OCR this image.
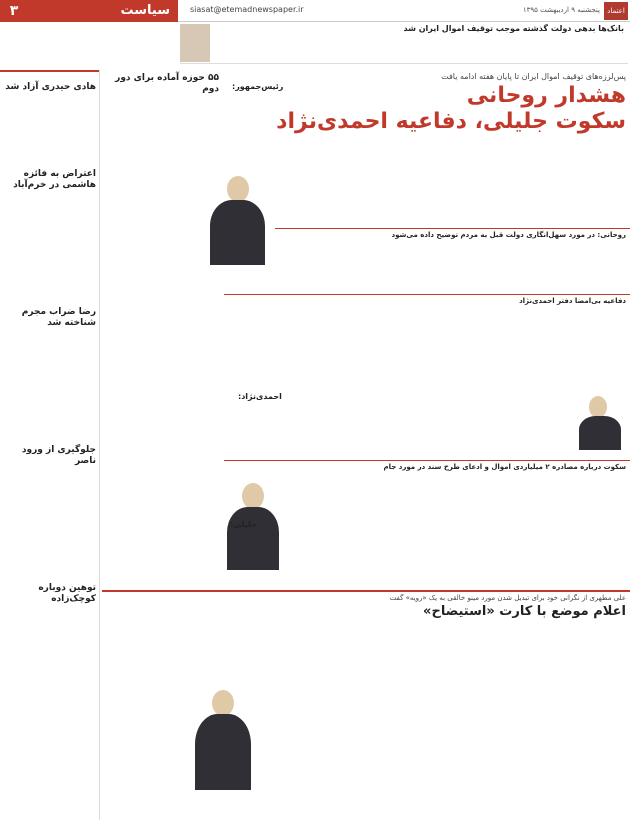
۳	سیاست	siasat@etemadnewspaper.ir	پنجشنبه ۹ اردیبهشت ۱۳۹۵	اعتماد
بانک‌ها بدهی دولت گذشته موجب توقیف اموال ایران شد
هادی حیدری آزاد شد
اعتراض به فائزه هاشمی در خرم‌آباد
رضا ضراب مجرم شناخته شد
جلوگیری از ورود ناصر
توهین دوباره کوچک‌زاده
۵۵ حوزه آماده برای دور دوم
پس‌لرزه‌های توقیف اموال ایران تا پایان هفته ادامه یافت
هشدار روحانی
سکوت جلیلی، دفاعیه احمدی‌نژاد
روحانی: در مورد سهل‌انگاری دولت قبل به مردم توضیح داده می‌شود
دفاعیه بی‌امضا دفتر احمدی‌نژاد
سکوت درباره مصادره ۲ میلیاردی اموال و ادعای طرح سند در مورد جام
رئیس‌جمهور:
احمدی‌نژاد:
جلیلی:
علی مطهری از نگرانی خود برای تبدیل شدن مورد مینو خالقی به یک «رویه» گفت
اعلام موضع با کارت «استیضاح»
